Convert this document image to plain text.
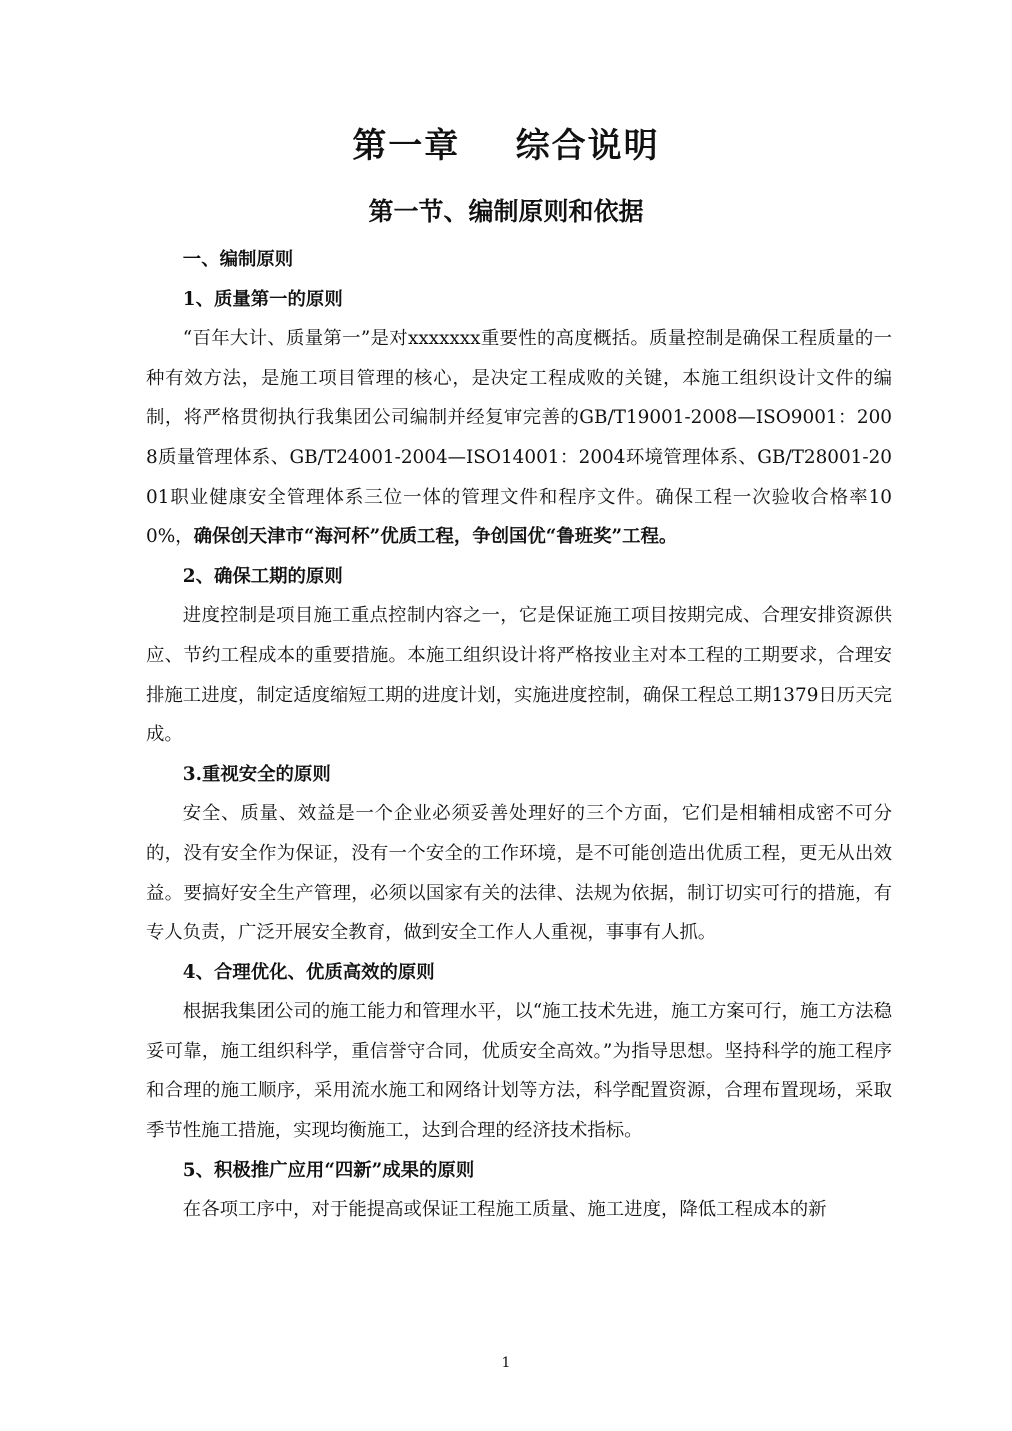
第一章    综合说明
第一节、编制原则和依据

一、编制原则

1、质量第一的原则

“百年大计、质量第一”是对xxxxxxx重要性的高度概括。质量控制是确保工程质量的一种有效方法，是施工项目管理的核心，是决定工程成败的关键，本施工组织设计文件的编制，将严格贯彻执行我集团公司编制并经复审完善的GB/T19001-2008—ISO9001：2008质量管理体系、GB/T24001-2004—ISO14001：2004环境管理体系、GB/T28001-2001职业健康安全管理体系三位一体的管理文件和程序文件。确保工程一次验收合格率100%，确保创天津市“海河杯”优质工程，争创国优“鲁班奖”工程。

2、确保工期的原则

进度控制是项目施工重点控制内容之一，它是保证施工项目按期完成、合理安排资源供应、节约工程成本的重要措施。本施工组织设计将严格按业主对本工程的工期要求，合理安排施工进度，制定适度缩短工期的进度计划，实施进度控制，确保工程总工期1379日历天完成。

3.重视安全的原则

安全、质量、效益是一个企业必须妥善处理好的三个方面，它们是相辅相成密不可分的，没有安全作为保证，没有一个安全的工作环境，是不可能创造出优质工程，更无从出效益。要搞好安全生产管理，必须以国家有关的法律、法规为依据，制订切实可行的措施，有专人负责，广泛开展安全教育，做到安全工作人人重视，事事有人抓。

4、合理优化、优质高效的原则

根据我集团公司的施工能力和管理水平，以“施工技术先进，施工方案可行，施工方法稳妥可靠，施工组织科学，重信誉守合同，优质安全高效。”为指导思想。坚持科学的施工程序和合理的施工顺序，采用流水施工和网络计划等方法，科学配置资源，合理布置现场，采取季节性施工措施，实现均衡施工，达到合理的经济技术指标。

5、积极推广应用“四新”成果的原则

在各项工序中，对于能提高或保证工程施工质量、施工进度，降低工程成本的新

1
